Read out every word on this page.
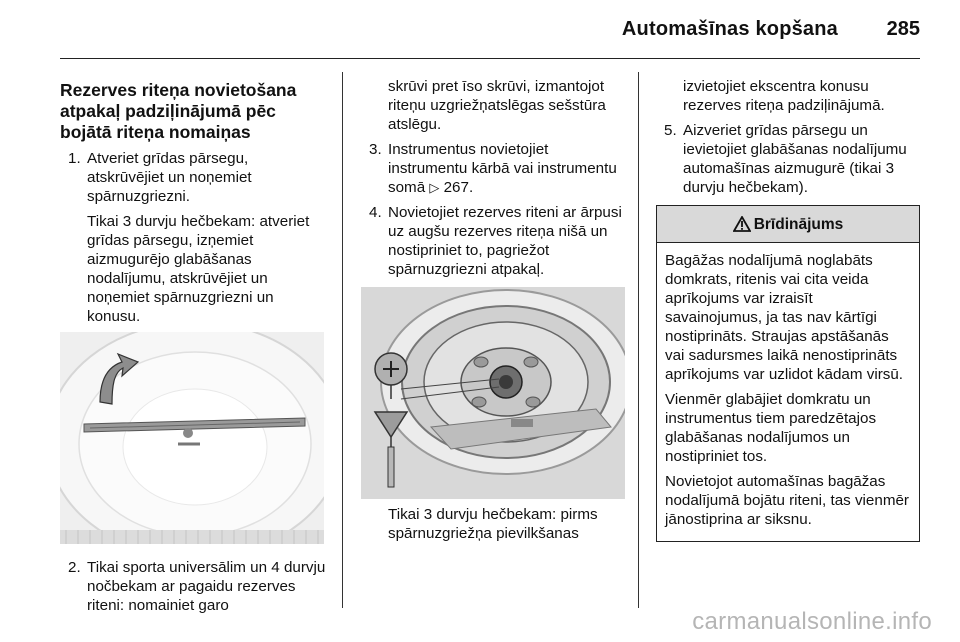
Automašīnas kopšana 285
Rezerves riteņa novietošana atpakaļ padziļinājumā pēc bojātā riteņa nomaiņas
1. Atveriet grīdas pārsegu, atskrūvējiet un noņemiet spārnuzgriezni.
Tikai 3 durvju hečbekam: atveriet grīdas pārsegu, izņemiet aizmugurējo glabāšanas nodalījumu, atskrūvējiet un noņemiet spārnuzgriezni un konusu.
2. Tikai sporta universālim un 4 durvju nočbekam ar pagaidu rezerves riteni: nomainiet garo
skrūvi pret īso skrūvi, izmantojot riteņu uzgriežņatslēgas sešstūra atslēgu.
3. Instrumentus novietojiet instrumentu kārbā vai instrumentu somā ▷ 267.
4. Novietojiet rezerves riteni ar ārpusi uz augšu rezerves riteņa nišā un nostipriniet to, pagriežot spārnuzgriezni atpakaļ.
Tikai 3 durvju hečbekam: pirms spārnuzgriežņa pievilkšanas
izvietojiet ekscentra konusu rezerves riteņa padziļinājumā.
5. Aizveriet grīdas pārsegu un ievietojiet glabāšanas nodalījumu automašīnas aizmugurē (tikai 3 durvju hečbekam).
Brīdinājums

Bagāžas nodalījumā noglabāts domkrats, ritenis vai cita veida aprīkojums var izraisīt savainojumus, ja tas nav kārtīgi nostiprināts. Straujas apstāšanās vai sadursmes laikā nenostiprināts aprīkojums var uzlidot kādam virsū.

Vienmēr glabājiet domkratu un instrumentus tiem paredzētajos glabāšanas nodalījumos un nostipriniet tos.

Novietojot automašīnas bagāžas nodalījumā bojātu riteni, tas vienmēr jānostiprina ar siksnu.

carmanualsonline.info
